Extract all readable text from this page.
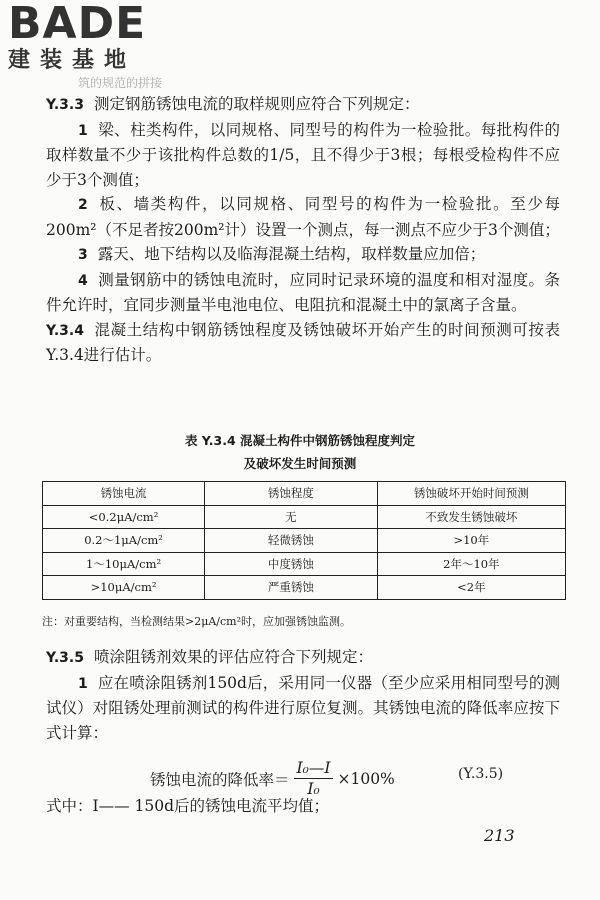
BADE
建装基地
筑的规范的拼接

Y.3.3 测定钢筋锈蚀电流的取样规则应符合下列规定：

1 梁、柱类构件，以同规格、同型号的构件为一检验批。每批构件的取样数量不少于该批构件总数的1/5，且不得少于3根；每根受检构件不应少于3个测值；

2 板、墙类构件，以同规格、同型号的构件为一检验批。至少每200m²（不足者按200m²计）设置一个测点，每一测点不应少于3个测值；

3 露天、地下结构以及临海混凝土结构，取样数量应加倍；

4 测量钢筋中的锈蚀电流时，应同时记录环境的温度和相对湿度。条件允许时，宜同步测量半电池电位、电阻抗和混凝土中的氯离子含量。

Y.3.4 混凝土结构中钢筋锈蚀程度及锈蚀破坏开始产生的时间预测可按表Y.3.4进行估计。

表 Y.3.4 混凝土构件中钢筋锈蚀程度判定
及破坏发生时间预测
锈蚀电流	锈蚀程度	锈蚀破坏开始时间预测
<0.2μA/cm²	无	不致发生锈蚀破坏
0.2～1μA/cm²	轻微锈蚀	>10年
1～10μA/cm²	中度锈蚀	2年～10年
>10μA/cm²	严重锈蚀	<2年
注：对重要结构，当检测结果>2μA/cm²时，应加强锈蚀监测。

Y.3.5 喷涂阻锈剂效果的评估应符合下列规定：

1 应在喷涂阻锈剂150d后，采用同一仪器（至少应采用相同型号的测试仪）对阻锈处理前测试的构件进行原位复测。其锈蚀电流的降低率应按下式计算：

锈蚀电流的降低率＝ $\frac{\text{I₀—I}}{\text{I₀}} \times 100\%$	(Y.3.5)

式中：I—— 150d后的锈蚀电流平均值；

213
